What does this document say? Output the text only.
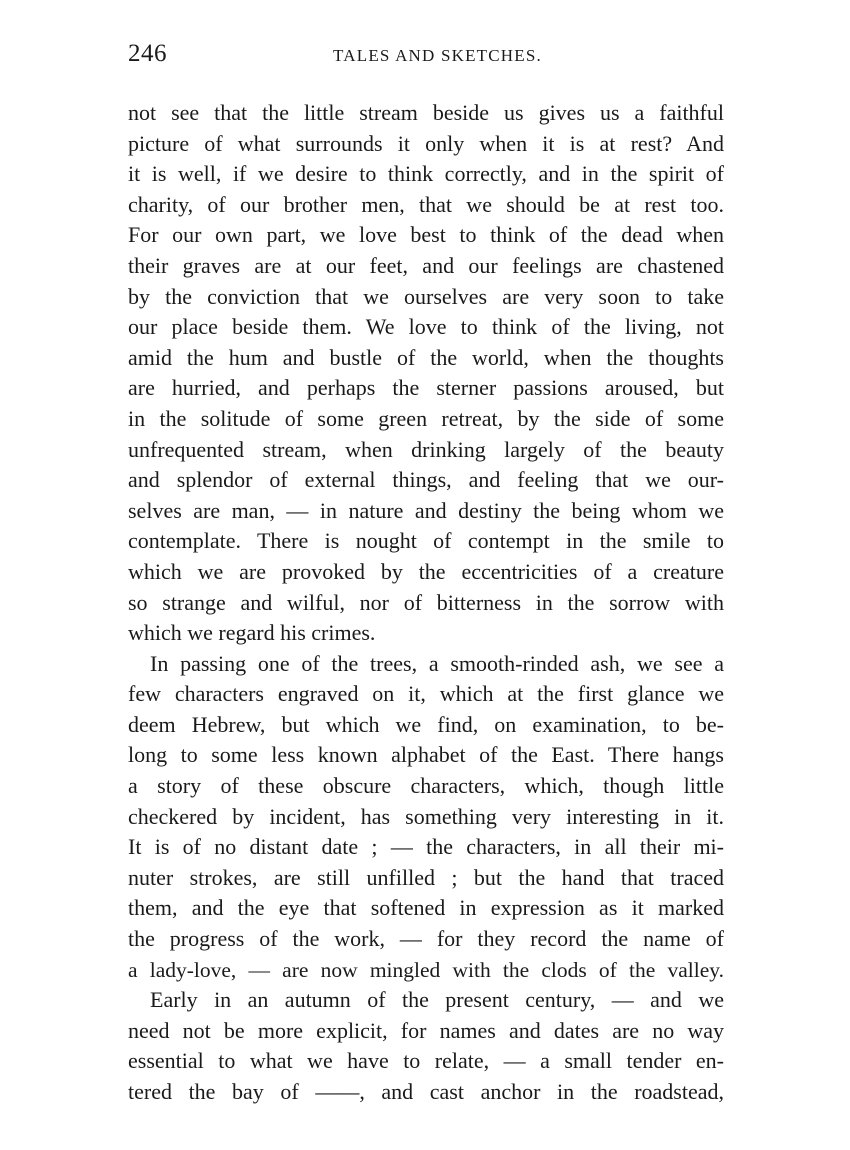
246	TALES AND SKETCHES.
not see that the little stream beside us gives us a faithful
picture of what surrounds it only when it is at rest? And
it is well, if we desire to think correctly, and in the spirit of
charity, of our brother men, that we should be at rest too.
For our own part, we love best to think of the dead when
their graves are at our feet, and our feelings are chastened
by the conviction that we ourselves are very soon to take
our place beside them. We love to think of the living, not
amid the hum and bustle of the world, when the thoughts
are hurried, and perhaps the sterner passions aroused, but
in the solitude of some green retreat, by the side of some
unfrequented stream, when drinking largely of the beauty
and splendor of external things, and feeling that we our-
selves are man, — in nature and destiny the being whom we
contemplate. There is nought of contempt in the smile to
which we are provoked by the eccentricities of a creature
so strange and wilful, nor of bitterness in the sorrow with
which we regard his crimes.
In passing one of the trees, a smooth-rinded ash, we see a
few characters engraved on it, which at the first glance we
deem Hebrew, but which we find, on examination, to be-
long to some less known alphabet of the East. There hangs
a story of these obscure characters, which, though little
checkered by incident, has something very interesting in it.
It is of no distant date ; — the characters, in all their mi-
nuter strokes, are still unfilled ; but the hand that traced
them, and the eye that softened in expression as it marked
the progress of the work, — for they record the name of
a lady-love, — are now mingled with the clods of the valley.
Early in an autumn of the present century, — and we
need not be more explicit, for names and dates are no way
essential to what we have to relate, — a small tender en-
tered the bay of ——, and cast anchor in the roadstead,
